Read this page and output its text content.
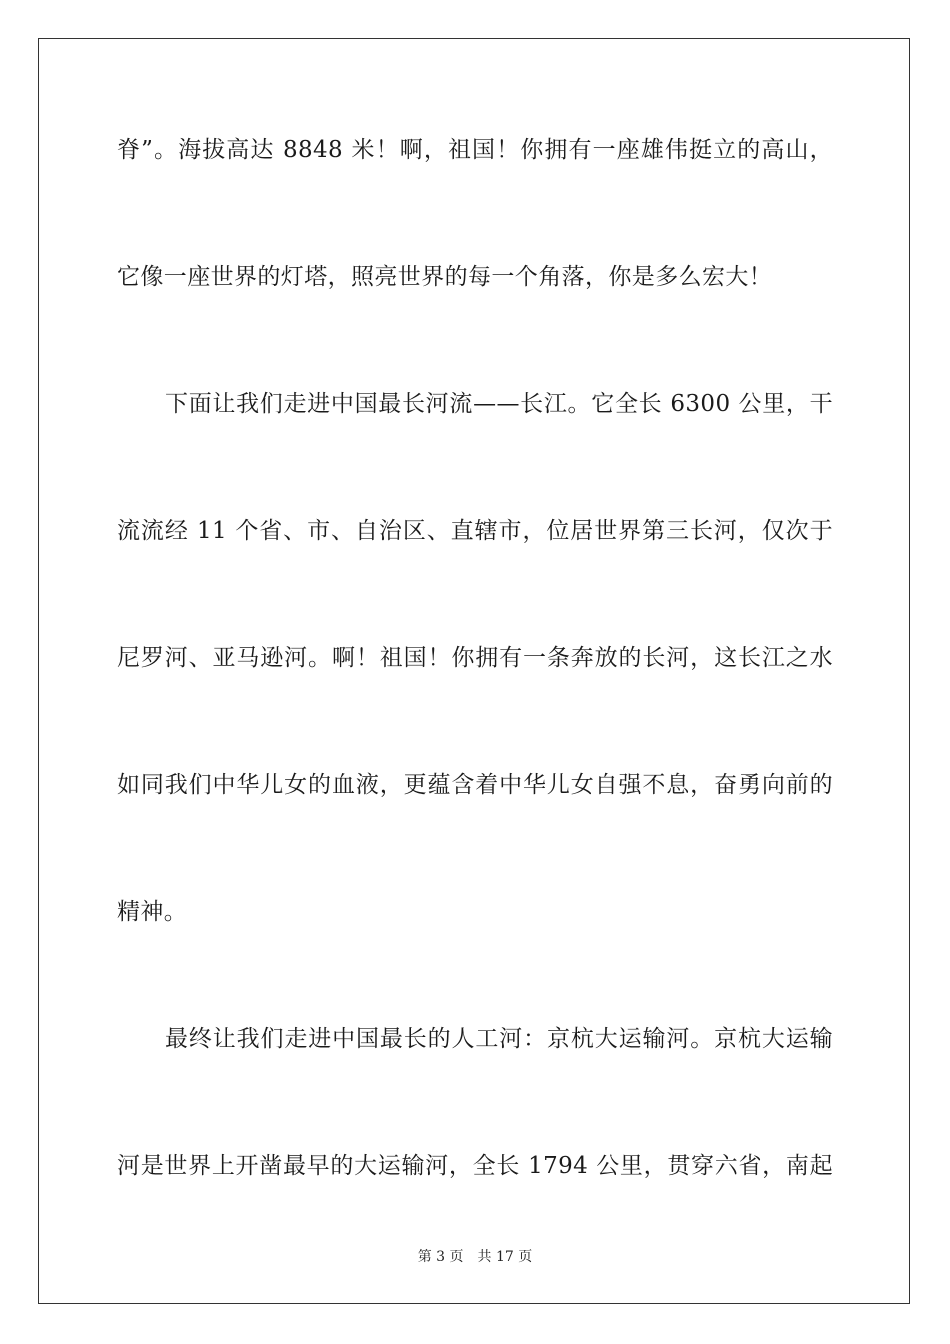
脊”。海拔高达 8848 米！啊，祖国！你拥有一座雄伟挺立的高山，
它像一座世界的灯塔，照亮世界的每一个角落，你是多么宏大！
下面让我们走进中国最长河流——长江。它全长 6300 公里，干
流流经 11 个省、市、自治区、直辖市，位居世界第三长河，仅次于
尼罗河、亚马逊河。啊！祖国！你拥有一条奔放的长河，这长江之水
如同我们中华儿女的血液，更蕴含着中华儿女自强不息，奋勇向前的
精神。
最终让我们走进中国最长的人工河：京杭大运输河。京杭大运输
河是世界上开凿最早的大运输河，全长 1794 公里，贯穿六省，南起
第 3 页 共 17 页
